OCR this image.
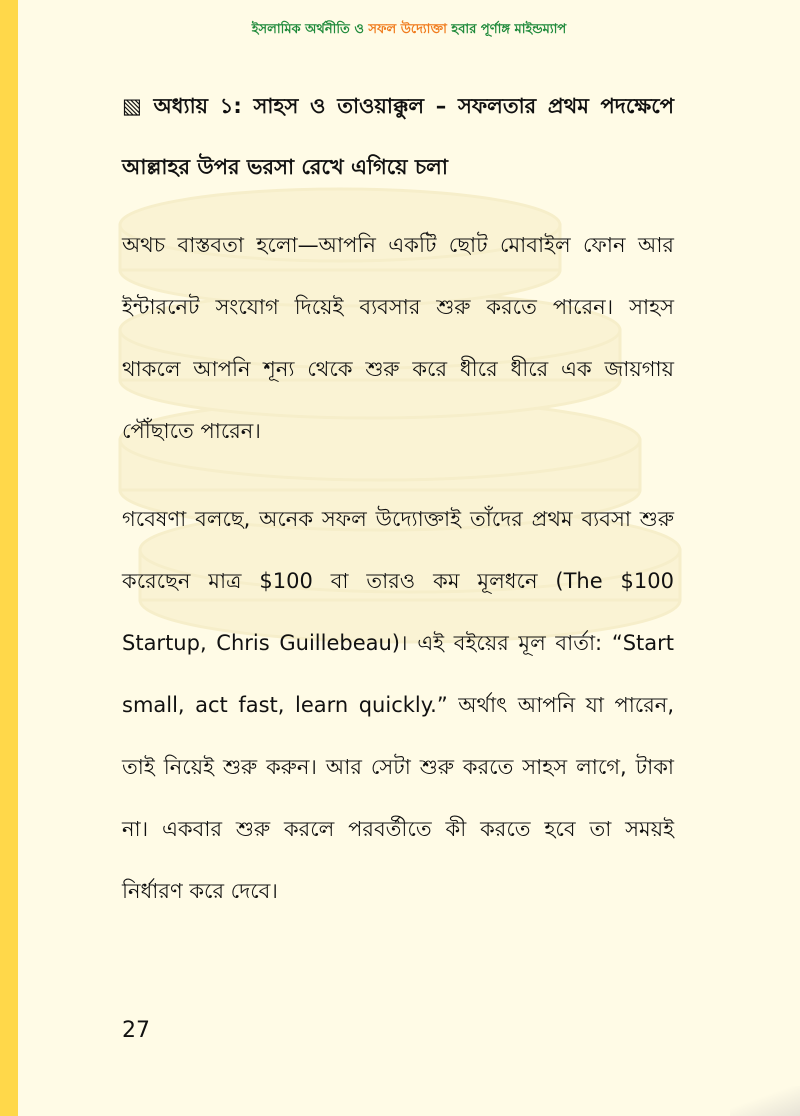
ইসলামিক অর্থনীতি ও সফল উদ্যোক্তা হবার পূর্ণাঙ্গ মাইন্ডম্যাপ

▧ অধ্যায় ১: সাহস ও তাওয়াক্কুল – সফলতার প্রথম পদক্ষেপে আল্লাহর উপর ভরসা রেখে এগিয়ে চলা

অথচ বাস্তবতা হলো—আপনি একটি ছোট মোবাইল ফোন আর ইন্টারনেট সংযোগ দিয়েই ব্যবসার শুরু করতে পারেন। সাহস থাকলে আপনি শূন্য থেকে শুরু করে ধীরে ধীরে এক জায়গায় পৌঁছাতে পারেন।

গবেষণা বলছে, অনেক সফল উদ্যোক্তাই তাঁদের প্রথম ব্যবসা শুরু করেছেন মাত্র $100 বা তারও কম মূলধনে (The $100 Startup, Chris Guillebeau)। এই বইয়ের মূল বার্তা: “Start small, act fast, learn quickly.” অর্থাৎ আপনি যা পারেন, তাই নিয়েই শুরু করুন। আর সেটা শুরু করতে সাহস লাগে, টাকা না। একবার শুরু করলে পরবর্তীতে কী করতে হবে তা সময়ই নির্ধারণ করে দেবে।

27
